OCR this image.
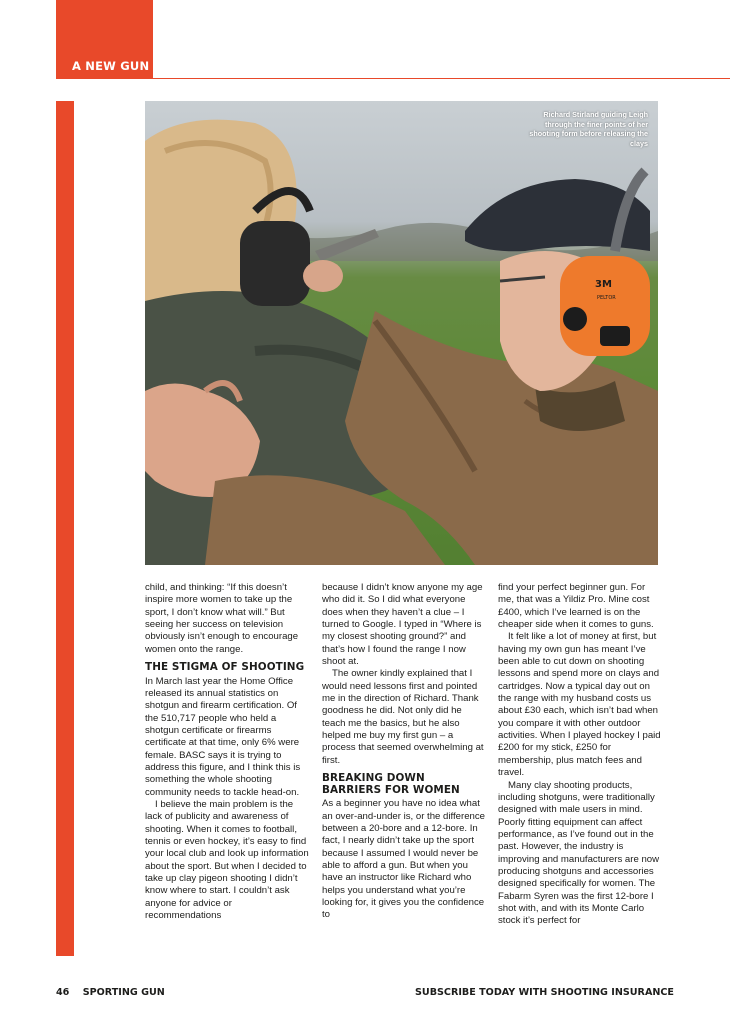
A NEW GUN
3M
PELTOR
Richard Stirland guiding Leigh through the finer points of her shooting form before releasing the clays

child, and thinking: “If this doesn’t inspire more women to take up the sport, I don’t know what will.” But seeing her success on television obviously isn’t enough to encourage women onto the range.

THE STIGMA OF SHOOTING

In March last year the Home Office released its annual statistics on shotgun and firearm certification. Of the 510,717 people who held a shotgun certificate or firearms certificate at that time, only 6% were female. BASC says it is trying to address this figure, and I think this is something the whole shooting community needs to tackle head-on.

I believe the main problem is the lack of publicity and awareness of shooting. When it comes to football, tennis or even hockey, it’s easy to find your local club and look up information about the sport. But when I decided to take up clay pigeon shooting I didn’t know where to start. I couldn’t ask anyone for advice or recommendations

because I didn’t know anyone my age who did it. So I did what everyone does when they haven’t a clue – I turned to Google. I typed in “Where is my closest shooting ground?” and that’s how I found the range I now shoot at.

The owner kindly explained that I would need lessons first and pointed me in the direction of Richard. Thank goodness he did. Not only did he teach me the basics, but he also helped me buy my first gun – a process that seemed overwhelming at first.

BREAKING DOWN BARRIERS FOR WOMEN

As a beginner you have no idea what an over-and-under is, or the difference between a 20-bore and a 12-bore. In fact, I nearly didn’t take up the sport because I assumed I would never be able to afford a gun. But when you have an instructor like Richard who helps you understand what you’re looking for, it gives you the confidence to

find your perfect beginner gun. For me, that was a Yildiz Pro. Mine cost £400, which I’ve learned is on the cheaper side when it comes to guns.

It felt like a lot of money at first, but having my own gun has meant I’ve been able to cut down on shooting lessons and spend more on clays and cartridges. Now a typical day out on the range with my husband costs us about £30 each, which isn’t bad when you compare it with other outdoor activities. When I played hockey I paid £200 for my stick, £250 for membership, plus match fees and travel.

Many clay shooting products, including shotguns, were traditionally designed with male users in mind. Poorly fitting equipment can affect performance, as I’ve found out in the past. However, the industry is improving and manufacturers are now producing shotguns and accessories designed specifically for women. The Fabarm Syren was the first 12-bore I shot with, and with its Monte Carlo stock it’s perfect for

46 SPORTING GUN	SUBSCRIBE TODAY WITH SHOOTING INSURANCE
